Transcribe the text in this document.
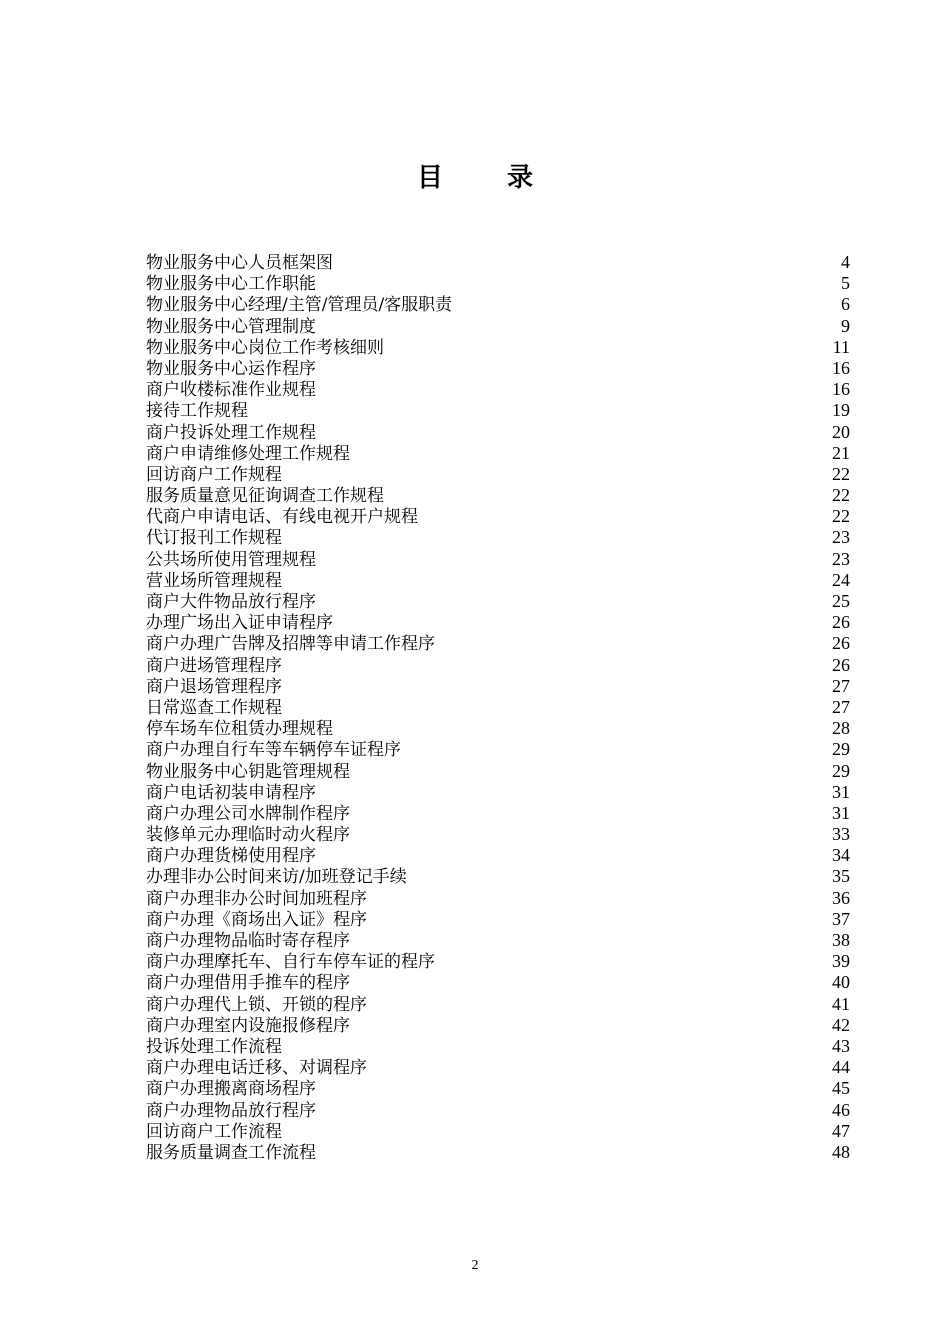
目 录
物业服务中心人员框架图	4
物业服务中心工作职能	5
物业服务中心经理/主管/管理员/客服职责	6
物业服务中心管理制度	9
物业服务中心岗位工作考核细则	11
物业服务中心运作程序	16
商户收楼标准作业规程	16
接待工作规程	19
商户投诉处理工作规程	20
商户申请维修处理工作规程	21
回访商户工作规程	22
服务质量意见征询调查工作规程	22
代商户申请电话、有线电视开户规程	22
代订报刊工作规程	23
公共场所使用管理规程	23
营业场所管理规程	24
商户大件物品放行程序	25
办理广场出入证申请程序	26
商户办理广告牌及招牌等申请工作程序	26
商户进场管理程序	26
商户退场管理程序	27
日常巡查工作规程	27
停车场车位租赁办理规程	28
商户办理自行车等车辆停车证程序	29
物业服务中心钥匙管理规程	29
商户电话初装申请程序	31
商户办理公司水牌制作程序	31
装修单元办理临时动火程序	33
商户办理货梯使用程序	34
办理非办公时间来访/加班登记手续	35
商户办理非办公时间加班程序	36
商户办理《商场出入证》程序	37
商户办理物品临时寄存程序	38
商户办理摩托车、自行车停车证的程序	39
商户办理借用手推车的程序	40
商户办理代上锁、开锁的程序	41
商户办理室内设施报修程序	42
投诉处理工作流程	43
商户办理电话迁移、对调程序	44
商户办理搬离商场程序	45
商户办理物品放行程序	46
回访商户工作流程	47
服务质量调查工作流程	48
2
